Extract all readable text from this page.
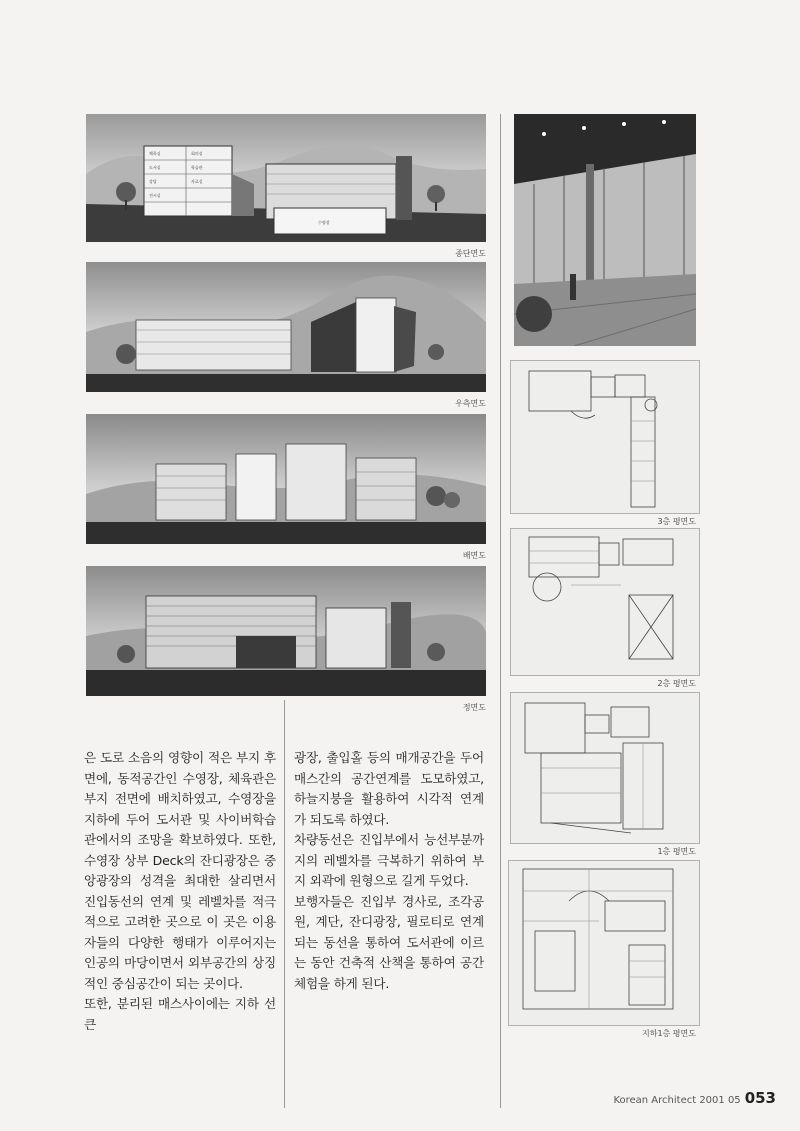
체육실
도서실
강당
전시실
회의실
학습관
자료실
수영장
종단면도
우측면도
배면도
정면도

은 도로 소음의 영향이 적은 부지 후면에, 동적공간인 수영장, 체육관은 부지 전면에 배치하였고, 수영장을 지하에 두어 도서관 및 사이버학습관에서의 조망을 확보하였다. 또한, 수영장 상부 Deck의 잔디광장은 중앙광장의 성격을 최대한 살리면서 진입동선의 연계 및 레벨차를 적극적으로 고려한 곳으로 이 곳은 이용자들의 다양한 행태가 이루어지는 인공의 마당이면서 외부공간의 상징적인 중심공간이 되는 곳이다.

또한, 분리된 매스사이에는 지하 선큰

광장, 출입홀 등의 매개공간을 두어 매스간의 공간연계를 도모하였고, 하늘지붕을 활용하여 시각적 연계가 되도록 하였다.

차량동선은 진입부에서 능선부분까지의 레벨차를 극복하기 위하여 부지 외곽에 원형으로 길게 두었다.

보행자들은 진입부 경사로, 조각공원, 계단, 잔디광장, 필로티로 연계되는 동선을 통하여 도서관에 이르는 동안 건축적 산책을 통하여 공간체험을 하게 된다.

3층 평면도
2층 평면도
1층 평면도
지하1층 평면도
Korean Architect 2001 05 053
